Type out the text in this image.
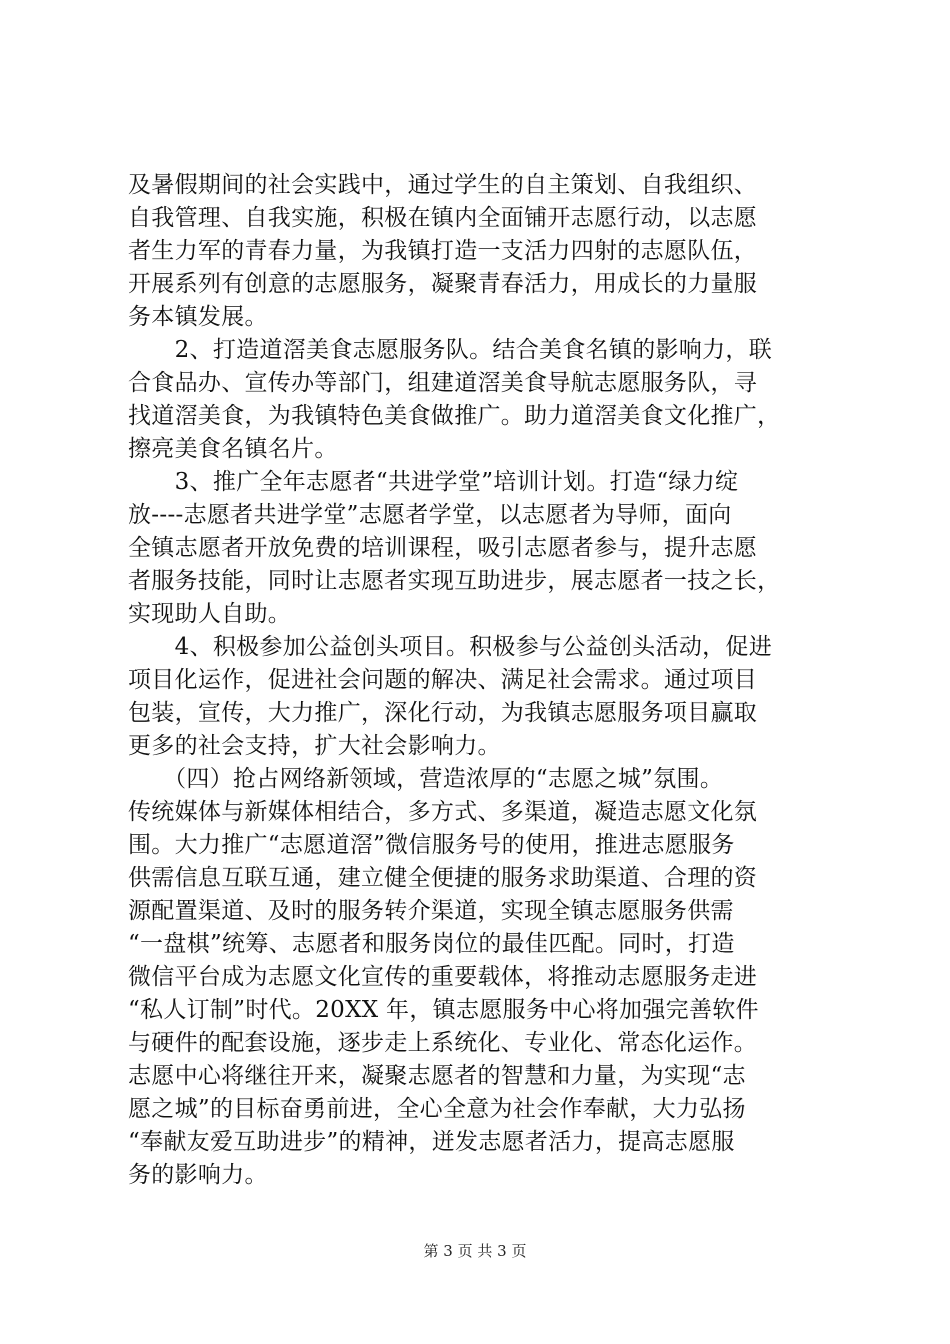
及暑假期间的社会实践中，通过学生的自主策划、自我组织、
自我管理、自我实施，积极在镇内全面铺开志愿行动，以志愿
者生力军的青春力量，为我镇打造一支活力四射的志愿队伍，
开展系列有创意的志愿服务，凝聚青春活力，用成长的力量服
务本镇发展。
　　2、打造道滘美食志愿服务队。结合美食名镇的影响力，联
合食品办、宣传办等部门，组建道滘美食导航志愿服务队，寻
找道滘美食，为我镇特色美食做推广。助力道滘美食文化推广，
擦亮美食名镇名片。
　　3、推广全年志愿者“共进学堂”培训计划。打造“绿力绽
放----志愿者共进学堂”志愿者学堂，以志愿者为导师，面向
全镇志愿者开放免费的培训课程，吸引志愿者参与，提升志愿
者服务技能，同时让志愿者实现互助进步，展志愿者一技之长，
实现助人自助。
　　4、积极参加公益创头项目。积极参与公益创头活动，促进
项目化运作，促进社会问题的解决、满足社会需求。通过项目
包装，宣传，大力推广，深化行动，为我镇志愿服务项目赢取
更多的社会支持，扩大社会影响力。
　　（四）抢占网络新领域，营造浓厚的“志愿之城”氛围。
传统媒体与新媒体相结合，多方式、多渠道，凝造志愿文化氛
围。大力推广“志愿道滘”微信服务号的使用，推进志愿服务
供需信息互联互通，建立健全便捷的服务求助渠道、合理的资
源配置渠道、及时的服务转介渠道，实现全镇志愿服务供需
“一盘棋”统筹、志愿者和服务岗位的最佳匹配。同时，打造
微信平台成为志愿文化宣传的重要载体，将推动志愿服务走进
“私人订制”时代。20XX 年，镇志愿服务中心将加强完善软件
与硬件的配套设施，逐步走上系统化、专业化、常态化运作。
志愿中心将继往开来，凝聚志愿者的智慧和力量，为实现“志
愿之城”的目标奋勇前进，全心全意为社会作奉献，大力弘扬
“奉献友爱互助进步”的精神，迸发志愿者活力，提高志愿服
务的影响力。
第 3 页 共 3 页
